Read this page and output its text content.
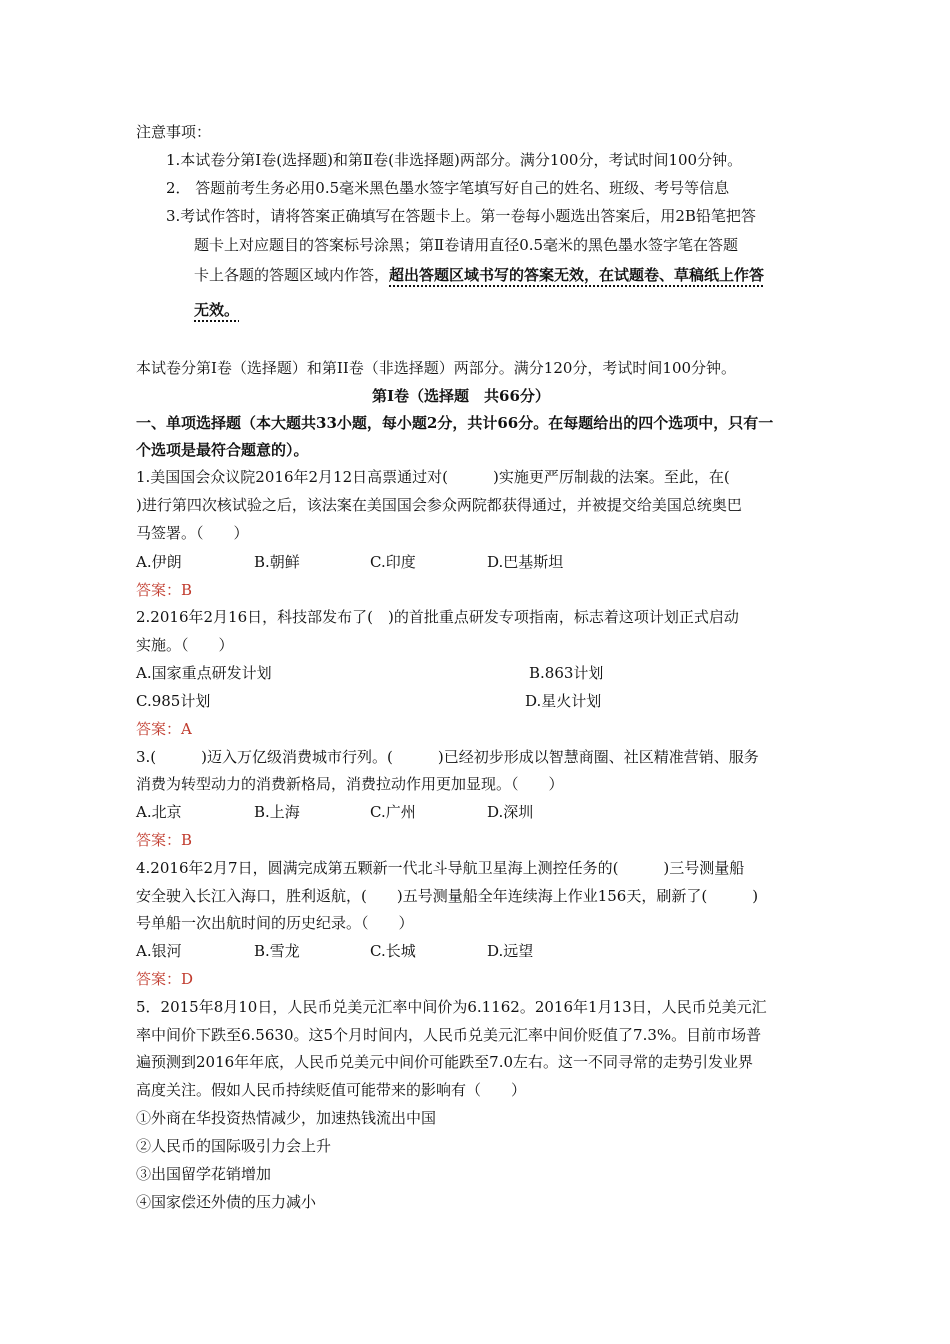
注意事项：
1.本试卷分第Ⅰ卷(选择题)和第Ⅱ卷(非选择题)两部分。满分100分，考试时间100分钟。
2． 答题前考生务必用0.5毫米黑色墨水签字笔填写好自己的姓名、班级、考号等信息
3.考试作答时，请将答案正确填写在答题卡上。第一卷每小题选出答案后，用2B铅笔把答
题卡上对应题目的答案标号涂黑；第Ⅱ卷请用直径0.5毫米的黑色墨水签字笔在答题
卡上各题的答题区域内作答，超出答题区域书写的答案无效，在试题卷、草稿纸上作答
无效。
本试卷分第I卷（选择题）和第II卷（非选择题）两部分。满分120分，考试时间100分钟。
第Ⅰ卷（选择题　共66分）
一、单项选择题（本大题共33小题，每小题2分，共计66分。在每题给出的四个选项中，只有一
个选项是最符合题意的）。
1.美国国会众议院2016年2月12日高票通过对(　　　)实施更严厉制裁的法案。至此，在(
)进行第四次核试验之后，该法案在美国国会参众两院都获得通过，并被提交给美国总统奥巴
马签署。（　　）
A.伊朗	B.朝鲜	C.印度	D.巴基斯坦
答案：B
2.2016年2月16日，科技部发布了(　)的首批重点研发专项指南，标志着这项计划正式启动
实施。（　　）
A.国家重点研发计划	B.863计划
C.985计划	D.星火计划
答案：A
3.(　　　)迈入万亿级消费城市行列。(　　　)已经初步形成以智慧商圈、社区精准营销、服务
消费为转型动力的消费新格局，消费拉动作用更加显现。（　　）
A.北京	B.上海	C.广州	D.深圳
答案：B
4.2016年2月7日，圆满完成第五颗新一代北斗导航卫星海上测控任务的(　　　)三号测量船
安全驶入长江入海口，胜利返航，(　　)五号测量船全年连续海上作业156天，刷新了(　　　)
号单船一次出航时间的历史纪录。（　　）
A.银河	B.雪龙	C.长城	D.远望
答案：D
5．2015年8月10日，人民币兑美元汇率中间价为6.1162。2016年1月13日，人民币兑美元汇
率中间价下跌至6.5630。这5个月时间内，人民币兑美元汇率中间价贬值了7.3%。目前市场普
遍预测到2016年年底，人民币兑美元中间价可能跌至7.0左右。这一不同寻常的走势引发业界
高度关注。假如人民币持续贬值可能带来的影响有（　　）
①外商在华投资热情减少，加速热钱流出中国
②人民币的国际吸引力会上升
③出国留学花销增加
④国家偿还外债的压力减小
